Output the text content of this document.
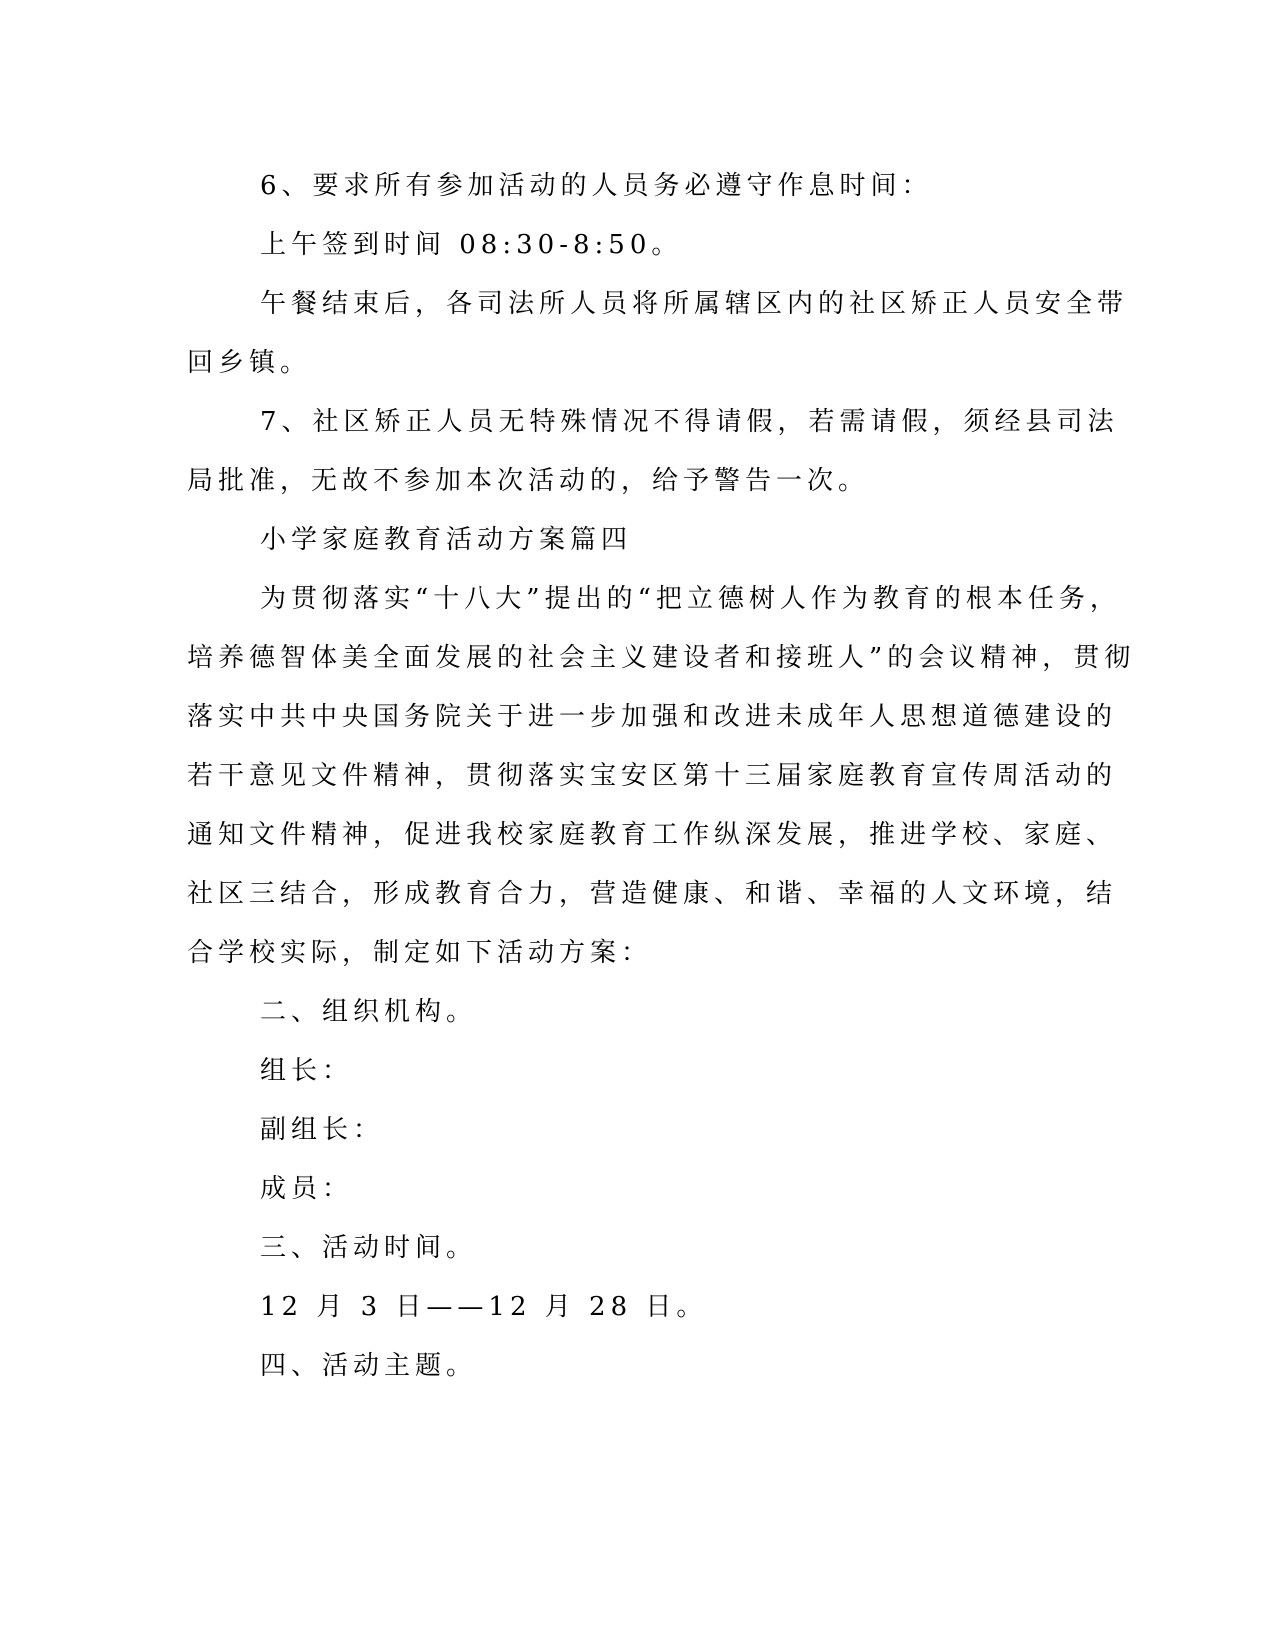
6、要求所有参加活动的人员务必遵守作息时间：
上午签到时间 08:30-8:50。
午餐结束后，各司法所人员将所属辖区内的社区矫正人员安全带
回乡镇。
7、社区矫正人员无特殊情况不得请假，若需请假，须经县司法
局批准，无故不参加本次活动的，给予警告一次。
小学家庭教育活动方案篇四
为贯彻落实“十八大”提出的“把立德树人作为教育的根本任务，
培养德智体美全面发展的社会主义建设者和接班人”的会议精神，贯彻
落实中共中央国务院关于进一步加强和改进未成年人思想道德建设的
若干意见文件精神，贯彻落实宝安区第十三届家庭教育宣传周活动的
通知文件精神，促进我校家庭教育工作纵深发展，推进学校、家庭、
社区三结合，形成教育合力，营造健康、和谐、幸福的人文环境，结
合学校实际，制定如下活动方案：
二、组织机构。
组长：
副组长：
成员：
三、活动时间。
12 月 3 日——12 月 28 日。
四、活动主题。
